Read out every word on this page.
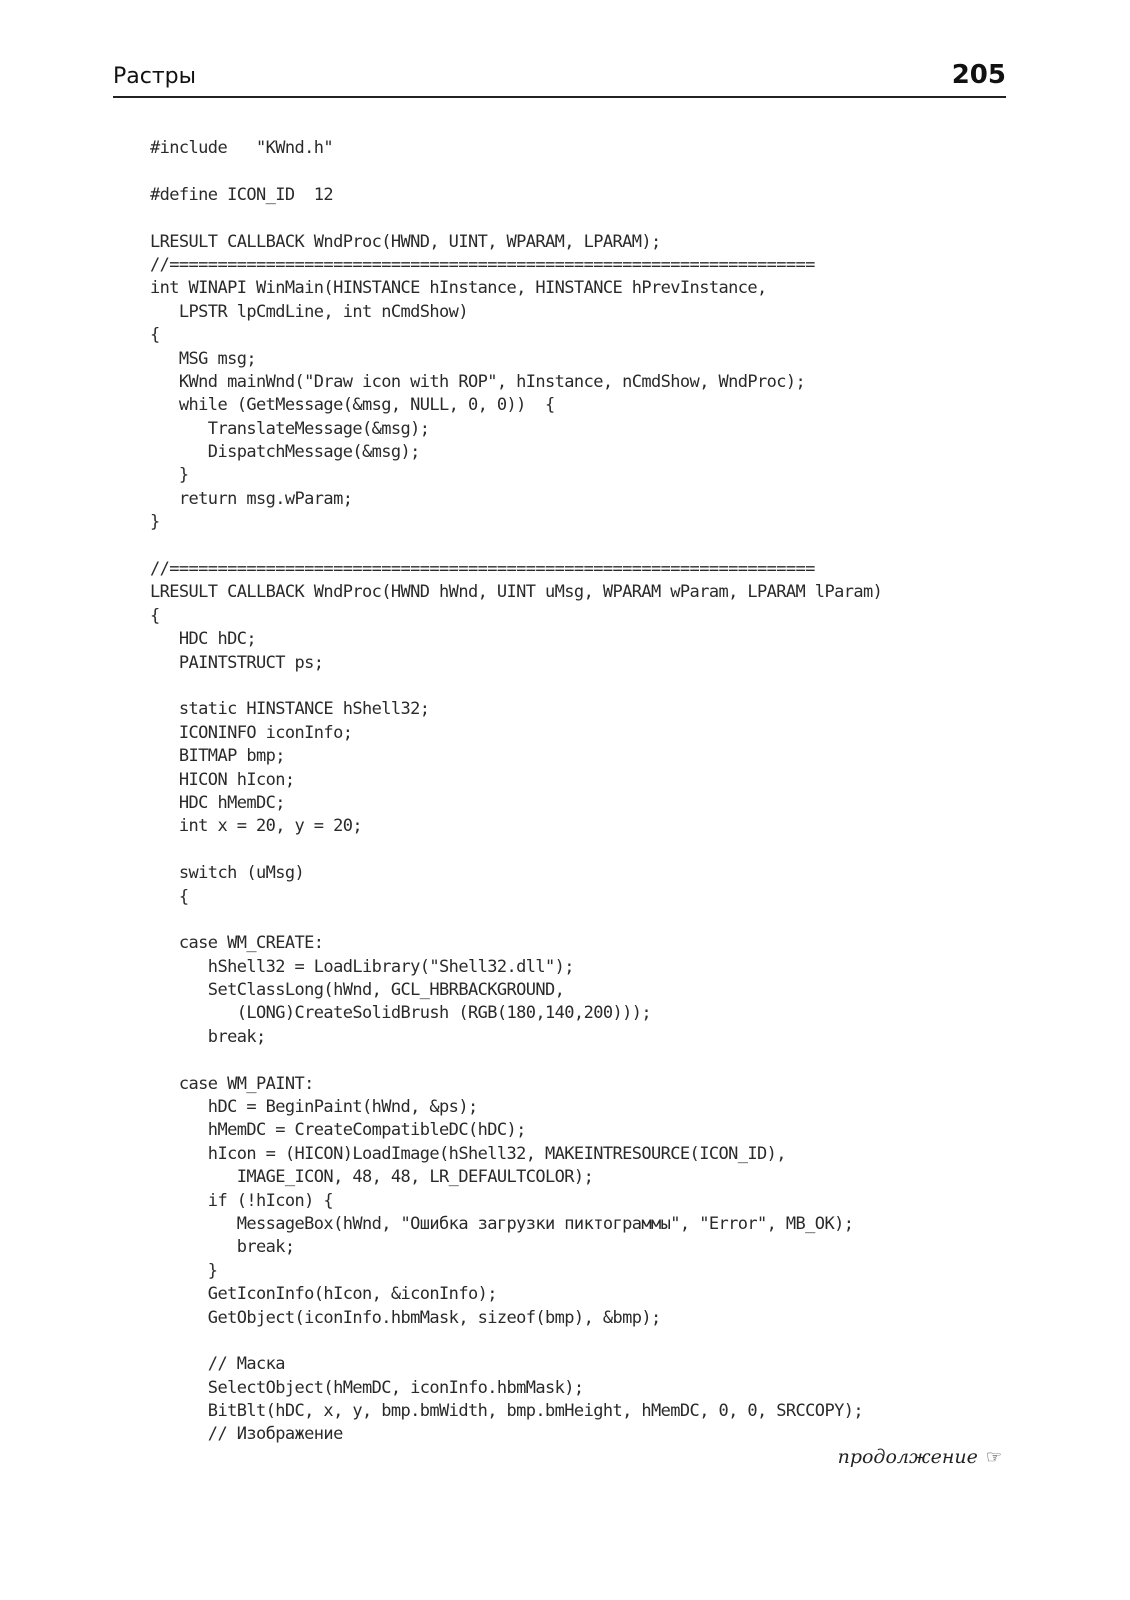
Растры	205
#include   "KWnd.h"
#define ICON_ID  12
LRESULT CALLBACK WndProc(HWND, UINT, WPARAM, LPARAM);
//===================================================================
int WINAPI WinMain(HINSTANCE hInstance, HINSTANCE hPrevInstance,
LPSTR lpCmdLine, int nCmdShow)
{
MSG msg;
KWnd mainWnd("Draw icon with ROP", hInstance, nCmdShow, WndProc);
while (GetMessage(&msg, NULL, 0, 0))  {
TranslateMessage(&msg);
DispatchMessage(&msg);
}
return msg.wParam;
}
//===================================================================
LRESULT CALLBACK WndProc(HWND hWnd, UINT uMsg, WPARAM wParam, LPARAM lParam)
{
HDC hDC;
PAINTSTRUCT ps;
static HINSTANCE hShell32;
ICONINFO iconInfo;
BITMAP bmp;
HICON hIcon;
HDC hMemDC;
int x = 20, y = 20;
switch (uMsg)
{
case WM_CREATE:
hShell32 = LoadLibrary("Shell32.dll");
SetClassLong(hWnd, GCL_HBRBACKGROUND,
(LONG)CreateSolidBrush (RGB(180,140,200)));
break;
case WM_PAINT:
hDC = BeginPaint(hWnd, &ps);
hMemDC = CreateCompatibleDC(hDC);
hIcon = (HICON)LoadImage(hShell32, MAKEINTRESOURCE(ICON_ID),
IMAGE_ICON, 48, 48, LR_DEFAULTCOLOR);
if (!hIcon) {
MessageBox(hWnd, "Ошибка загрузки пиктограммы", "Error", MB_OK);
break;
}
GetIconInfo(hIcon, &iconInfo);
GetObject(iconInfo.hbmMask, sizeof(bmp), &bmp);
// Маска
SelectObject(hMemDC, iconInfo.hbmMask);
BitBlt(hDC, x, y, bmp.bmWidth, bmp.bmHeight, hMemDC, 0, 0, SRCCOPY);
// Изображение
продолжение ☞
